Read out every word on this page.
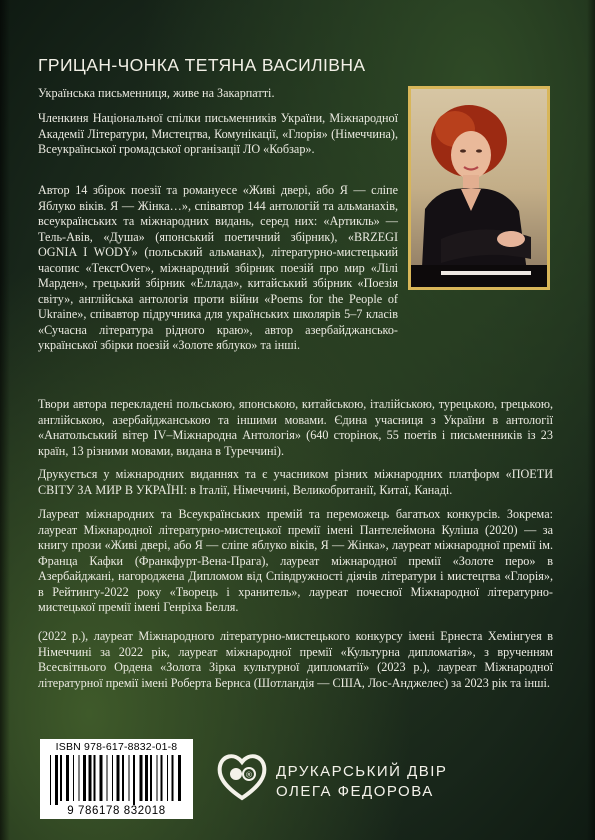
ГРИЦАН-ЧОНКА ТЕТЯНА ВАСИЛІВНА

Українська письменниця, живе на Закарпатті.

Членкиня Національної спілки письменників України, Міжнародної Академії Літератури, Мистецтва, Комунікації, «Глорія» (Німеччина), Всеукраїнської громадської організації ЛО «Кобзар».

Автор 14 збірок поезії та романуесе «Живі двері, або Я — сліпе Яблуко віків. Я — Жінка…», співавтор 144 антологій та альманахів, всеукраїнських та міжнародних видань, серед них: «Артикль» — Тель-Авів, «Душа» (японський поетичний збірник), «BRZEGI OGNIA I WODY» (польський альманах), літературно-мистецький часопис «ТекстOver», міжнародний збірник поезій про мир «Лілі Марден», грецький збірник «Еллада», китайський збірник «Поезія світу», англійська антологія проти війни «Poems for the People of Ukraine», співавтор підручника для українських школярів 5–7 класів «Сучасна література рідного краю», автор азербайджансько-української збірки поезій «Золоте яблуко» та інші.

Твори автора перекладені польською, японською, китайською, італійською, турецькою, грецькою, англійською, азербайджанською та іншими мовами. Єдина учасниця з України в антології «Анатольський вітер IV–Міжнародна Антологія» (640 сторінок, 55 поетів і письменників із 23 країн, 13 різними мовами, видана в Туреччині).

Друкується у міжнародних виданнях та є учасником різних міжнародних платформ «ПОЕТИ СВІТУ ЗА МИР В УКРАЇНІ: в Італії, Німеччині, Великобританії, Китаї, Канаді.

Лауреат міжнародних та Всеукраїнських премій та переможець багатьох конкурсів. Зокрема: лауреат Міжнародної літературно-мистецької премії імені Пантелеймона Куліша (2020) — за книгу прози «Живі двері, або Я — сліпе яблуко віків, Я — Жінка», лауреат міжнародної премії ім. Франца Кафки (Франкфурт-Вена-Прага), лауреат міжнародної премії «Золоте перо» в Азербайджані, нагороджена Дипломом від Співдружності діячів літератури і мистецтва «Глорія», в Рейтингу-2022 року «Творець і хранитель», лауреат почесної Міжнародної літературно-мистецької премії імені Генріха Белля.

(2022 р.), лауреат Міжнародного літературно-мистецького конкурсу імені Ернеста Хемінгуея в Німеччині за 2022 рік, лауреат міжнародної премії «Культурна дипломатія», з врученням Всесвітнього Ордена «Золота Зірка культурної дипломатії» (2023 р.), лауреат Міжнародної літературної премії імені Роберта Бернса (Шотландія — США, Лос-Анджелес) за 2023 рік та інші.

ISBN 978-617-8832-01-8
9 786178 832018
® ДРУКАРСЬКИЙ ДВІР
ОЛЕГА ФЕДОРОВА
